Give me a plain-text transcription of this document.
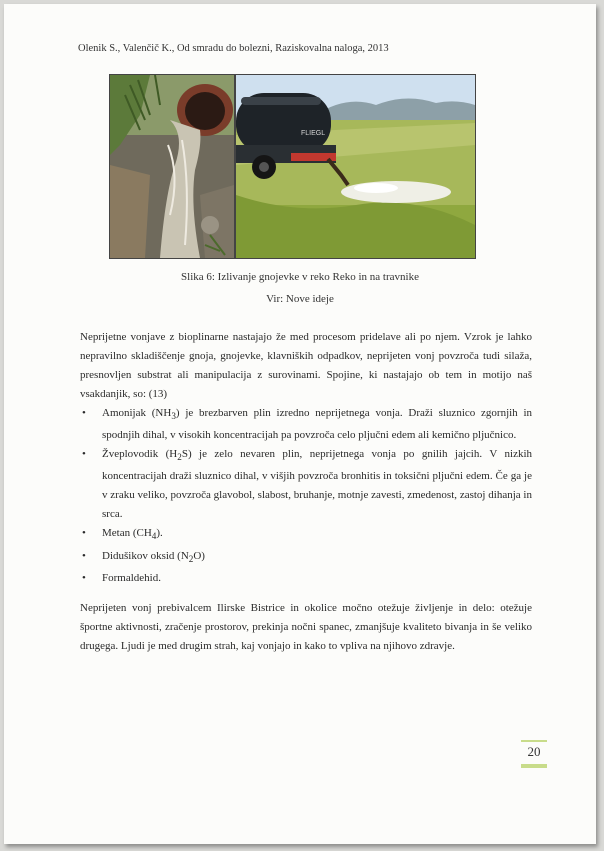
Olenik S., Valenčič K., Od smradu do bolezni, Raziskovalna naloga, 2013
FLIEGL
Slika 6: Izlivanje gnojevke v reko Reko in na travnike
Vir: Nove ideje
Neprijetne vonjave z bioplinarne nastajajo že med procesom pridelave ali po njem. Vzrok je lahko nepravilno skladiščenje gnoja, gnojevke, klavniških odpadkov, neprijeten vonj povzroča tudi silaža, presnovljen substrat ali manipulacija z surovinami. Spojine, ki nastajajo ob tem in motijo naš vsakdanjik, so: (13)
• Amonijak $(NH_3)$ je brezbarven plin izredno neprijetnega vonja. Draži sluznico zgornjih in spodnjih dihal, v visokih koncentracijah pa povzroča celo pljučni edem ali kemično pljučnico.
• Žveplovodik $(H_2S)$ je zelo nevaren plin, neprijetnega vonja po gnilih jajcih. V nizkih koncentracijah draži sluznico dihal, v višjih povzroča bronhitis in toksični pljučni edem. Če ga je v zraku veliko, povzroča glavobol, slabost, bruhanje, motnje zavesti, zmedenost, zastoj dihanja in srca.
• Metan $(CH_4)$.
• Didušikov oksid $(N_2O)$
• Formaldehid.
Neprijeten vonj prebivalcem Ilirske Bistrice in okolice močno otežuje življenje in delo: otežuje športne aktivnosti, zračenje prostorov, prekinja nočni spanec, zmanjšuje kvaliteto bivanja in še veliko drugega. Ljudi je med drugim strah, kaj vonjajo in kako to vpliva na njihovo zdravje.
20
